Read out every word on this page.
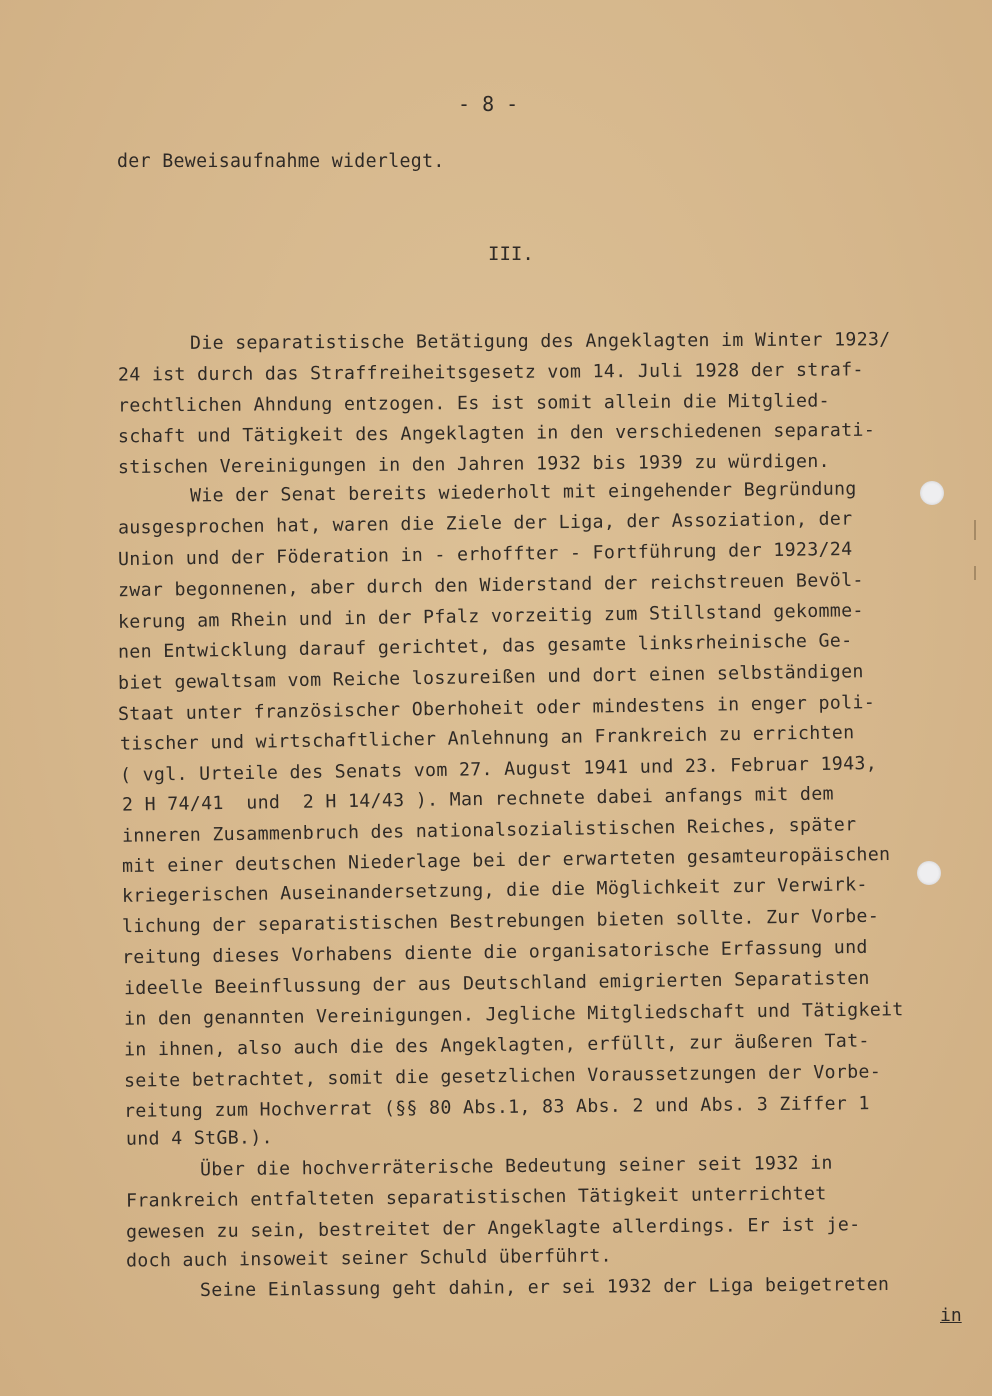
- 8 -
der Beweisaufnahme widerlegt.
III.
Die separatistische Betätigung des Angeklagten im Winter 1923/
24 ist durch das Straffreiheitsgesetz vom 14. Juli 1928 der straf-
rechtlichen Ahndung entzogen. Es ist somit allein die Mitglied-
schaft und Tätigkeit des Angeklagten in den verschiedenen separati-
stischen Vereinigungen in den Jahren 1932 bis 1939 zu würdigen.
Wie der Senat bereits wiederholt mit eingehender Begründung
ausgesprochen hat, waren die Ziele der Liga, der Assoziation, der
Union und der Föderation in - erhoffter - Fortführung der 1923/24
zwar begonnenen, aber durch den Widerstand der reichstreuen Bevöl-
kerung am Rhein und in der Pfalz vorzeitig zum Stillstand gekomme-
nen Entwicklung darauf gerichtet, das gesamte linksrheinische Ge-
biet gewaltsam vom Reiche loszureißen und dort einen selbständigen
Staat unter französischer Oberhoheit oder mindestens in enger poli-
tischer und wirtschaftlicher Anlehnung an Frankreich zu errichten
( vgl. Urteile des Senats vom 27. August 1941 und 23. Februar 1943,
2 H 74/41  und  2 H 14/43 ). Man rechnete dabei anfangs mit dem
inneren Zusammenbruch des nationalsozialistischen Reiches, später
mit einer deutschen Niederlage bei der erwarteten gesamteuropäischen
kriegerischen Auseinandersetzung, die die Möglichkeit zur Verwirk-
lichung der separatistischen Bestrebungen bieten sollte. Zur Vorbe-
reitung dieses Vorhabens diente die organisatorische Erfassung und
ideelle Beeinflussung der aus Deutschland emigrierten Separatisten
in den genannten Vereinigungen. Jegliche Mitgliedschaft und Tätigkeit
in ihnen, also auch die des Angeklagten, erfüllt, zur äußeren Tat-
seite betrachtet, somit die gesetzlichen Voraussetzungen der Vorbe-
reitung zum Hochverrat (§§ 80 Abs.1, 83 Abs. 2 und Abs. 3 Ziffer 1
und 4 StGB.).
Über die hochverräterische Bedeutung seiner seit 1932 in
Frankreich entfalteten separatistischen Tätigkeit unterrichtet
gewesen zu sein, bestreitet der Angeklagte allerdings. Er ist je-
doch auch insoweit seiner Schuld überführt.
Seine Einlassung geht dahin, er sei 1932 der Liga beigetreten
in
